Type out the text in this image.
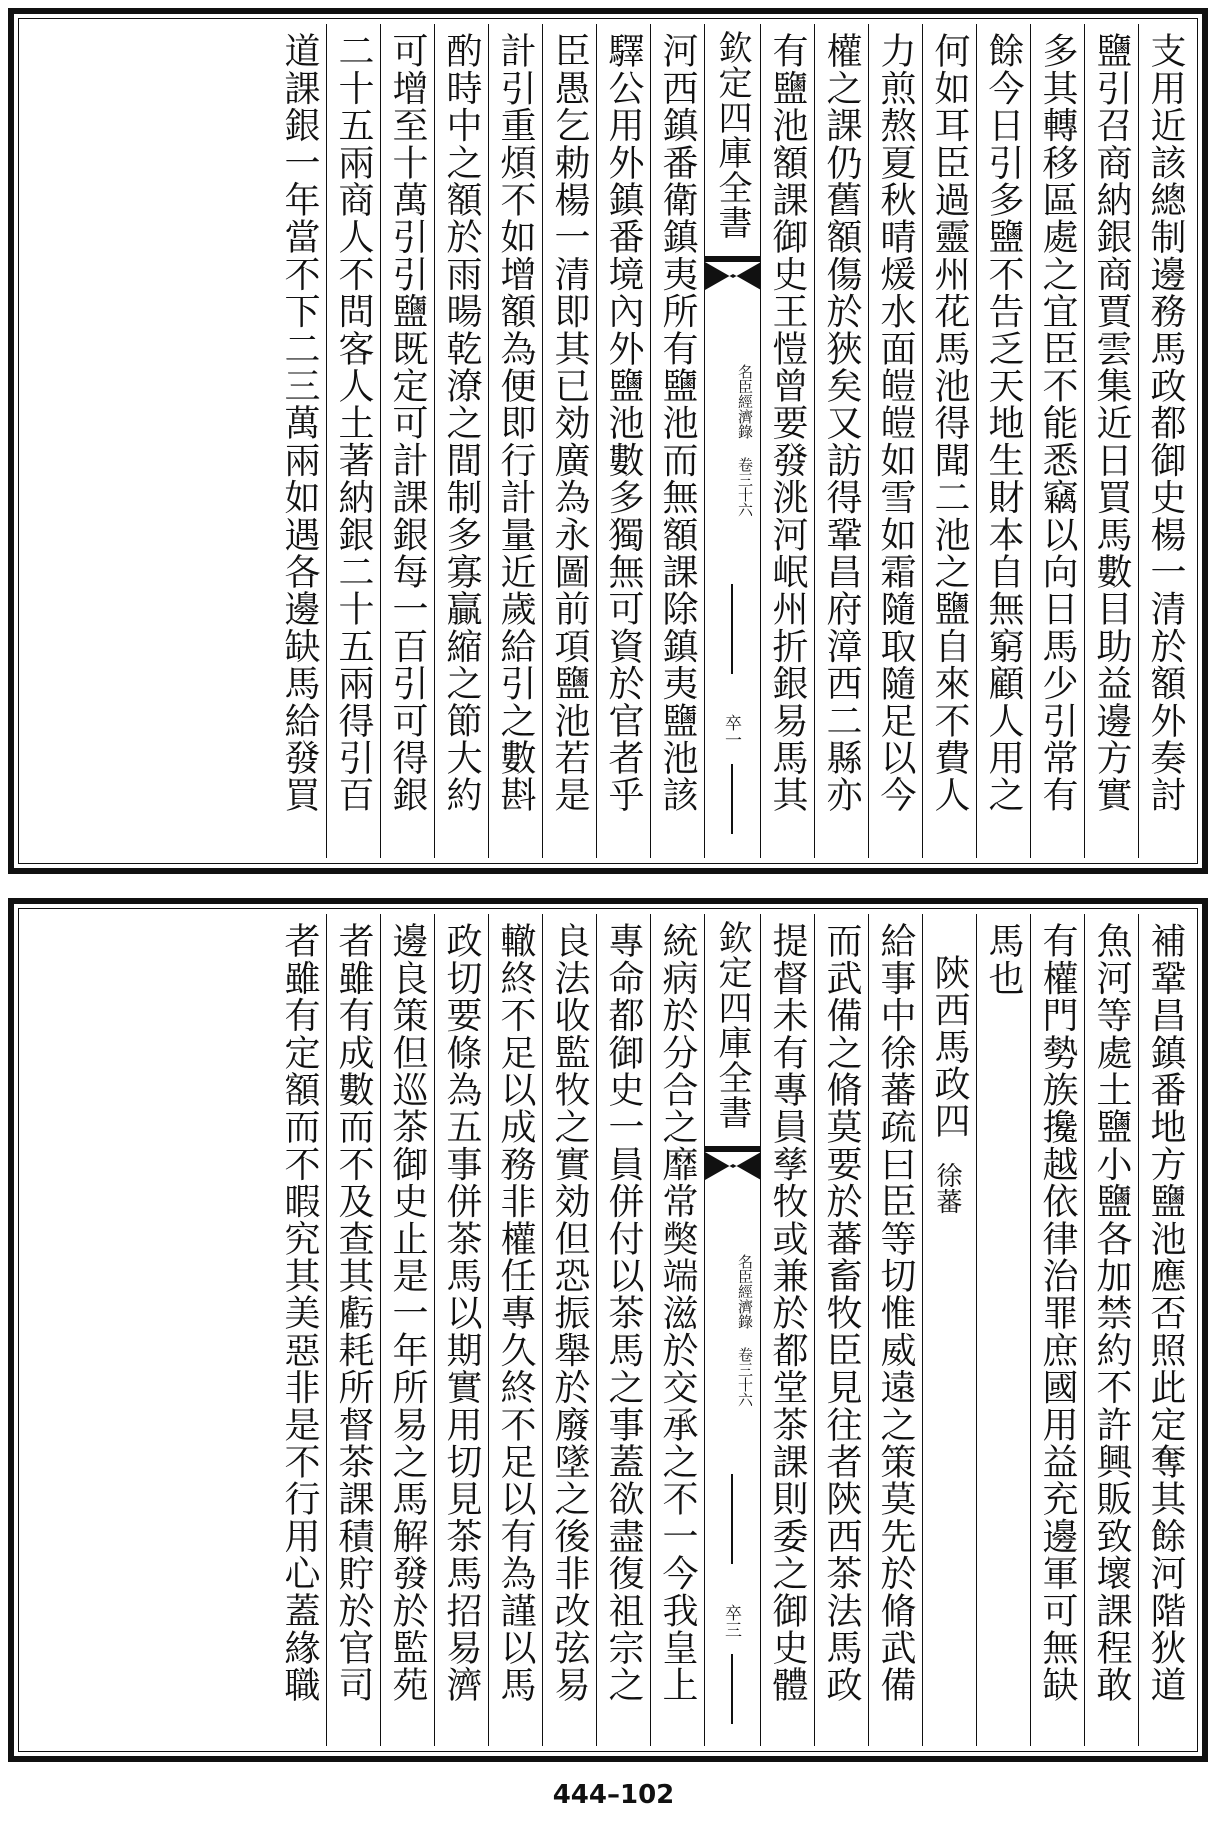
支用近該總制邊務馬政都御史楊一清於額外奏討
鹽引召商納銀商賈雲集近日買馬數目助益邊方實
多其轉移區處之宜臣不能悉竊以向日馬少引常有
餘今日引多鹽不告乏天地生財本自無窮顧人用之
何如耳臣過靈州花馬池得聞二池之鹽自來不費人
力煎熬夏秋晴煖水面皚皚如雪如霜隨取隨足以今
權之課仍舊額傷於狹矣又訪得鞏昌府漳西二縣亦
有鹽池額課御史王愷曾要發洮河岷州折銀易馬其
欽定四庫全書
名臣經濟錄 卷三十六
卒一
河西鎮番衛鎮夷所有鹽池而無額課除鎮夷鹽池該
驛公用外鎮番境內外鹽池數多獨無可資於官者乎
臣愚乞勅楊一清即其已効廣為永圖前項鹽池若是
計引重煩不如增額為便即行計量近歲給引之數斟
酌時中之額於雨暘乾潦之間制多寡贏縮之節大約
可增至十萬引引鹽既定可計課銀每一百引可得銀
二十五兩商人不問客人土著納銀二十五兩得引百
道課銀一年當不下二三萬兩如遇各邊缺馬給發買
補鞏昌鎮番地方鹽池應否照此定奪其餘河階狄道
魚河等處土鹽小鹽各加禁約不許興販致壞課程敢
有權門勢族攙越依律治罪庶國用益充邊軍可無缺
馬也
陝西馬政四
徐蕃
給事中徐蕃疏曰臣等切惟威遠之策莫先於脩武備
而武備之脩莫要於蕃畜牧臣見往者陝西茶法馬政
提督未有專員孳牧或兼於都堂茶課則委之御史體
欽定四庫全書
名臣經濟錄 卷三十六
卒三
統病於分合之靡常獘端滋於交承之不一今我皇上
專命都御史一員併付以茶馬之事蓋欲盡復祖宗之
良法收監牧之實効但恐振舉於廢墜之後非改弦易
轍終不足以成務非權任專久終不足以有為謹以馬
政切要條為五事併茶馬以期實用切見茶馬招易濟
邊良策但巡茶御史止是一年所易之馬解發於監苑
者雖有成數而不及查其虧耗所督茶課積貯於官司
者雖有定額而不暇究其美惡非是不行用心蓋緣職
444–102
